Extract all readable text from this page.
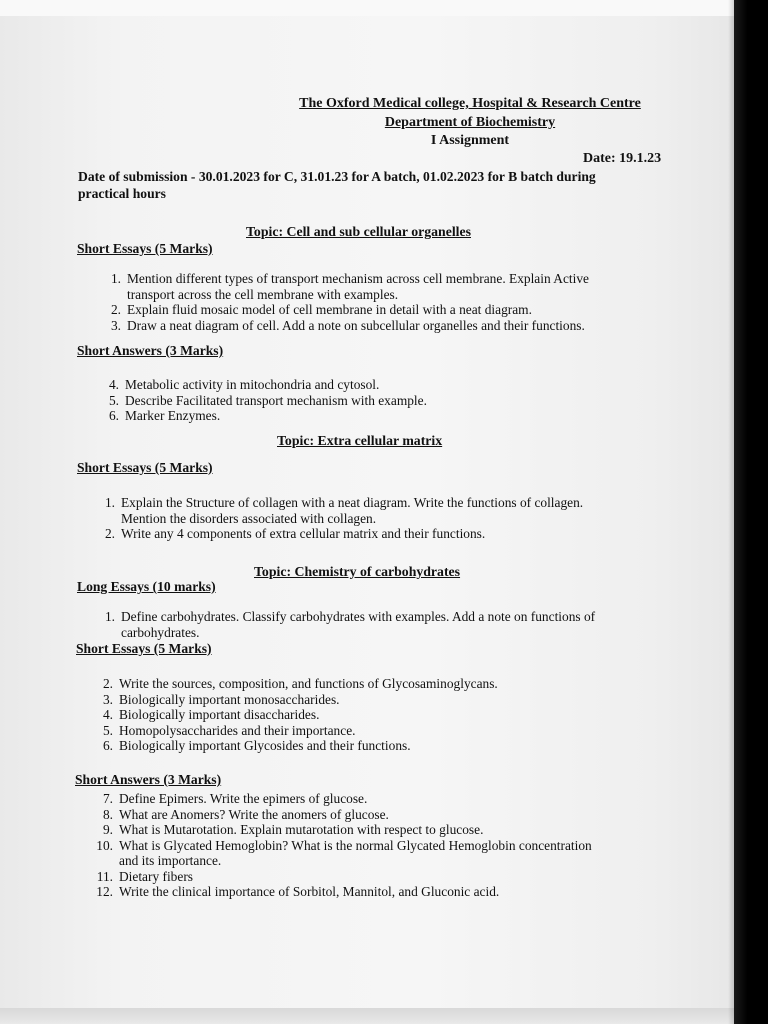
The Oxford Medical college, Hospital & Research Centre
Department of Biochemistry
I Assignment
Date: 19.1.23
Date of submission - 30.01.2023 for C, 31.01.23 for A batch, 01.02.2023 for B batch during
practical hours
Topic: Cell and sub cellular organelles
Short Essays (5 Marks)
1. Mention different types of transport mechanism across cell membrane. Explain Active
transport across the cell membrane with examples.
2. Explain fluid mosaic model of cell membrane in detail with a neat diagram.
3. Draw a neat diagram of cell. Add a note on subcellular organelles and their functions.
Short Answers (3 Marks)
4. Metabolic activity in mitochondria and cytosol.
5. Describe Facilitated transport mechanism with example.
6. Marker Enzymes.
Topic: Extra cellular matrix
Short Essays (5 Marks)
1. Explain the Structure of collagen with a neat diagram. Write the functions of collagen.
Mention the disorders associated with collagen.
2. Write any 4 components of extra cellular matrix and their functions.
Topic: Chemistry of carbohydrates
Long Essays (10 marks)
1. Define carbohydrates. Classify carbohydrates with examples. Add a note on functions of
carbohydrates.
Short Essays (5 Marks)
2. Write the sources, composition, and functions of Glycosaminoglycans.
3. Biologically important monosaccharides.
4. Biologically important disaccharides.
5. Homopolysaccharides and their importance.
6. Biologically important Glycosides and their functions.
Short Answers (3 Marks)
7. Define Epimers. Write the epimers of glucose.
8. What are Anomers? Write the anomers of glucose.
9. What is Mutarotation. Explain mutarotation with respect to glucose.
10. What is Glycated Hemoglobin? What is the normal Glycated Hemoglobin concentration
and its importance.
11. Dietary fibers
12. Write the clinical importance of Sorbitol, Mannitol, and Gluconic acid.
